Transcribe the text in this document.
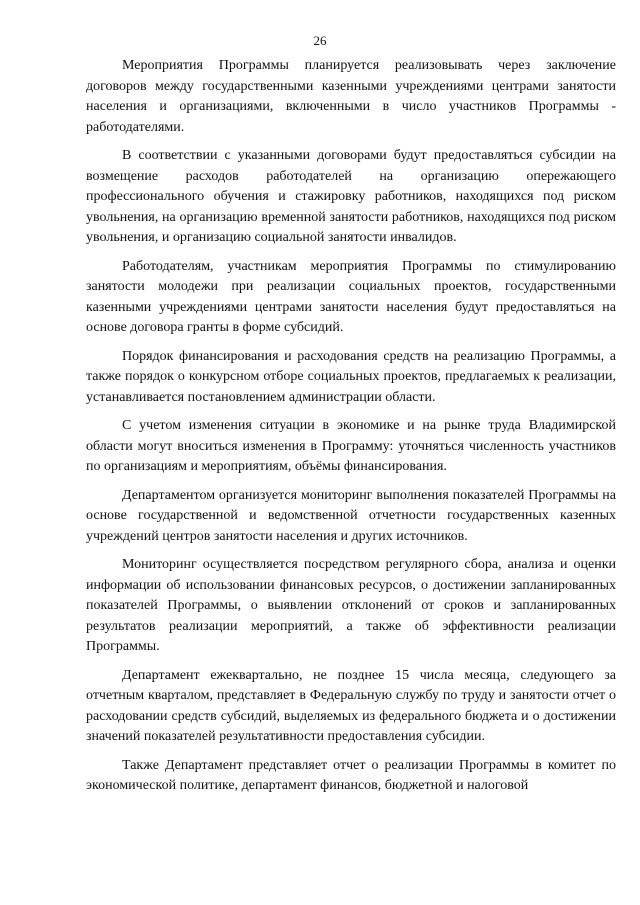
26

Мероприятия Программы планируется реализовывать через заключение договоров между государственными казенными учреждениями центрами занятости населения и организациями, включенными в число участников Программы - работодателями.

В соответствии с указанными договорами будут предоставляться субсидии на возмещение расходов работодателей на организацию опережающего профессионального обучения и стажировку работников, находящихся под риском увольнения, на организацию временной занятости работников, находящихся под риском увольнения, и организацию социальной занятости инвалидов.

Работодателям, участникам мероприятия Программы по стимулированию занятости молодежи при реализации социальных проектов, государственными казенными учреждениями центрами занятости населения будут предоставляться на основе договора гранты в форме субсидий.

Порядок финансирования и расходования средств на реализацию Программы, а также порядок о конкурсном отборе социальных проектов, предлагаемых к реализации, устанавливается постановлением администрации области.

С учетом изменения ситуации в экономике и на рынке труда Владимирской области могут вноситься изменения в Программу: уточняться численность участников по организациям и мероприятиям, объёмы финансирования.

Департаментом организуется мониторинг выполнения показателей Программы на основе государственной и ведомственной отчетности государственных казенных учреждений центров занятости населения и других источников.

Мониторинг осуществляется посредством регулярного сбора, анализа и оценки информации об использовании финансовых ресурсов, о достижении запланированных показателей Программы, о выявлении отклонений от сроков и запланированных результатов реализации мероприятий, а также об эффективности реализации Программы.

Департамент ежеквартально, не позднее 15 числа месяца, следующего за отчетным кварталом, представляет в Федеральную службу по труду и занятости отчет о расходовании средств субсидий, выделяемых из федерального бюджета и о достижении значений показателей результативности предоставления субсидии.

Также Департамент представляет отчет о реализации Программы в комитет по экономической политике, департамент финансов, бюджетной и налоговой
